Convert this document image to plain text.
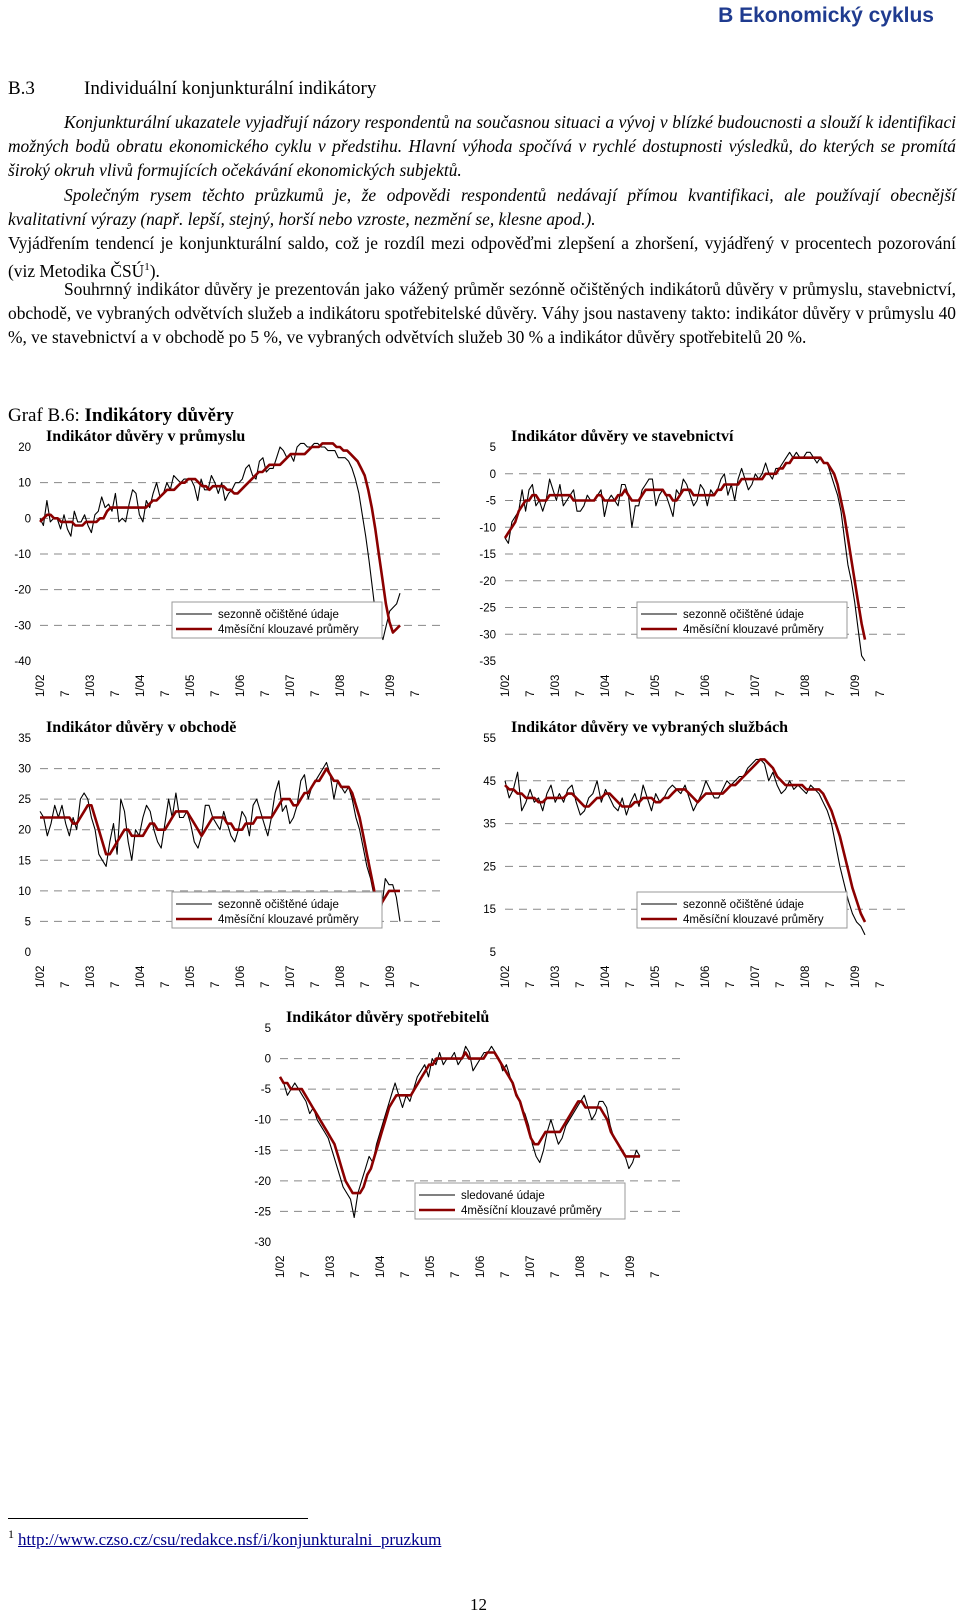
B Ekonomický cyklus
B.3	Individuální konjunkturální indikátory
Konjunkturální ukazatele vyjadřují názory respondentů na současnou situaci a vývoj v blízké budoucnosti a slouží k identifikaci možných bodů obratu ekonomického cyklu v předstihu. Hlavní výhoda spočívá v rychlé dostupnosti výsledků, do kterých se promítá široký okruh vlivů formujících očekávání ekonomických subjektů.
Společným rysem těchto průzkumů je, že odpovědi respondentů nedávají přímou kvantifikaci, ale používají obecnější kvalitativní výrazy (např. lepší, stejný, horší nebo vzroste, nezmění se, klesne apod.).
Vyjádřením tendencí je konjunkturální saldo, což je rozdíl mezi odpověďmi zlepšení a zhoršení, vyjádřený v procentech pozorování (viz Metodika ČSÚ$^1$).
Souhrnný indikátor důvěry je prezentován jako vážený průměr sezónně očištěných indikátorů důvěry v průmyslu, stavebnictví, obchodě, ve vybraných odvětvích služeb a indikátoru spotřebitelské důvěry. Váhy jsou nastaveny takto: indikátor důvěry v průmyslu 40 %, ve stavebnictví a v obchodě po 5 %, ve vybraných odvětvích služeb 30 % a indikátor důvěry spotřebitelů 20 %.
Graf B.6: Indikátory důvěry
Indikátor důvěry v průmyslu
20
10
0
-10
-20
-30
-40
1/02 7 1/03 7 1/04 7 1/05 7 1/06 7 1/07 7 1/08 7 1/09 7
sezonně očištěné údaje
4měsíční klouzavé průměry
Indikátor důvěry ve stavebnictví
5
0
-5
-10
-15
-20
-25
-30
-35
1/02 7 1/03 7 1/04 7 1/05 7 1/06 7 1/07 7 1/08 7 1/09 7
sezonně očištěné údaje
4měsíční klouzavé průměry
Indikátor důvěry v obchodě
35
30
25
20
15
10
5
0
1/02 7 1/03 7 1/04 7 1/05 7 1/06 7 1/07 7 1/08 7 1/09 7
sezonně očištěné údaje
4měsíční klouzavé průměry
Indikátor důvěry ve vybraných službách
55
45
35
25
15
5
1/02 7 1/03 7 1/04 7 1/05 7 1/06 7 1/07 7 1/08 7 1/09 7
sezonně očištěné údaje
4měsíční klouzavé průměry
Indikátor důvěry spotřebitelů
5
0
-5
-10
-15
-20
-25
-30
1/02 7 1/03 7 1/04 7 1/05 7 1/06 7 1/07 7 1/08 7 1/09 7
sledované údaje
4měsíční klouzavé průměry
$^1$ http://www.czso.cz/csu/redakce.nsf/i/konjunkturalni_pruzkum
12
